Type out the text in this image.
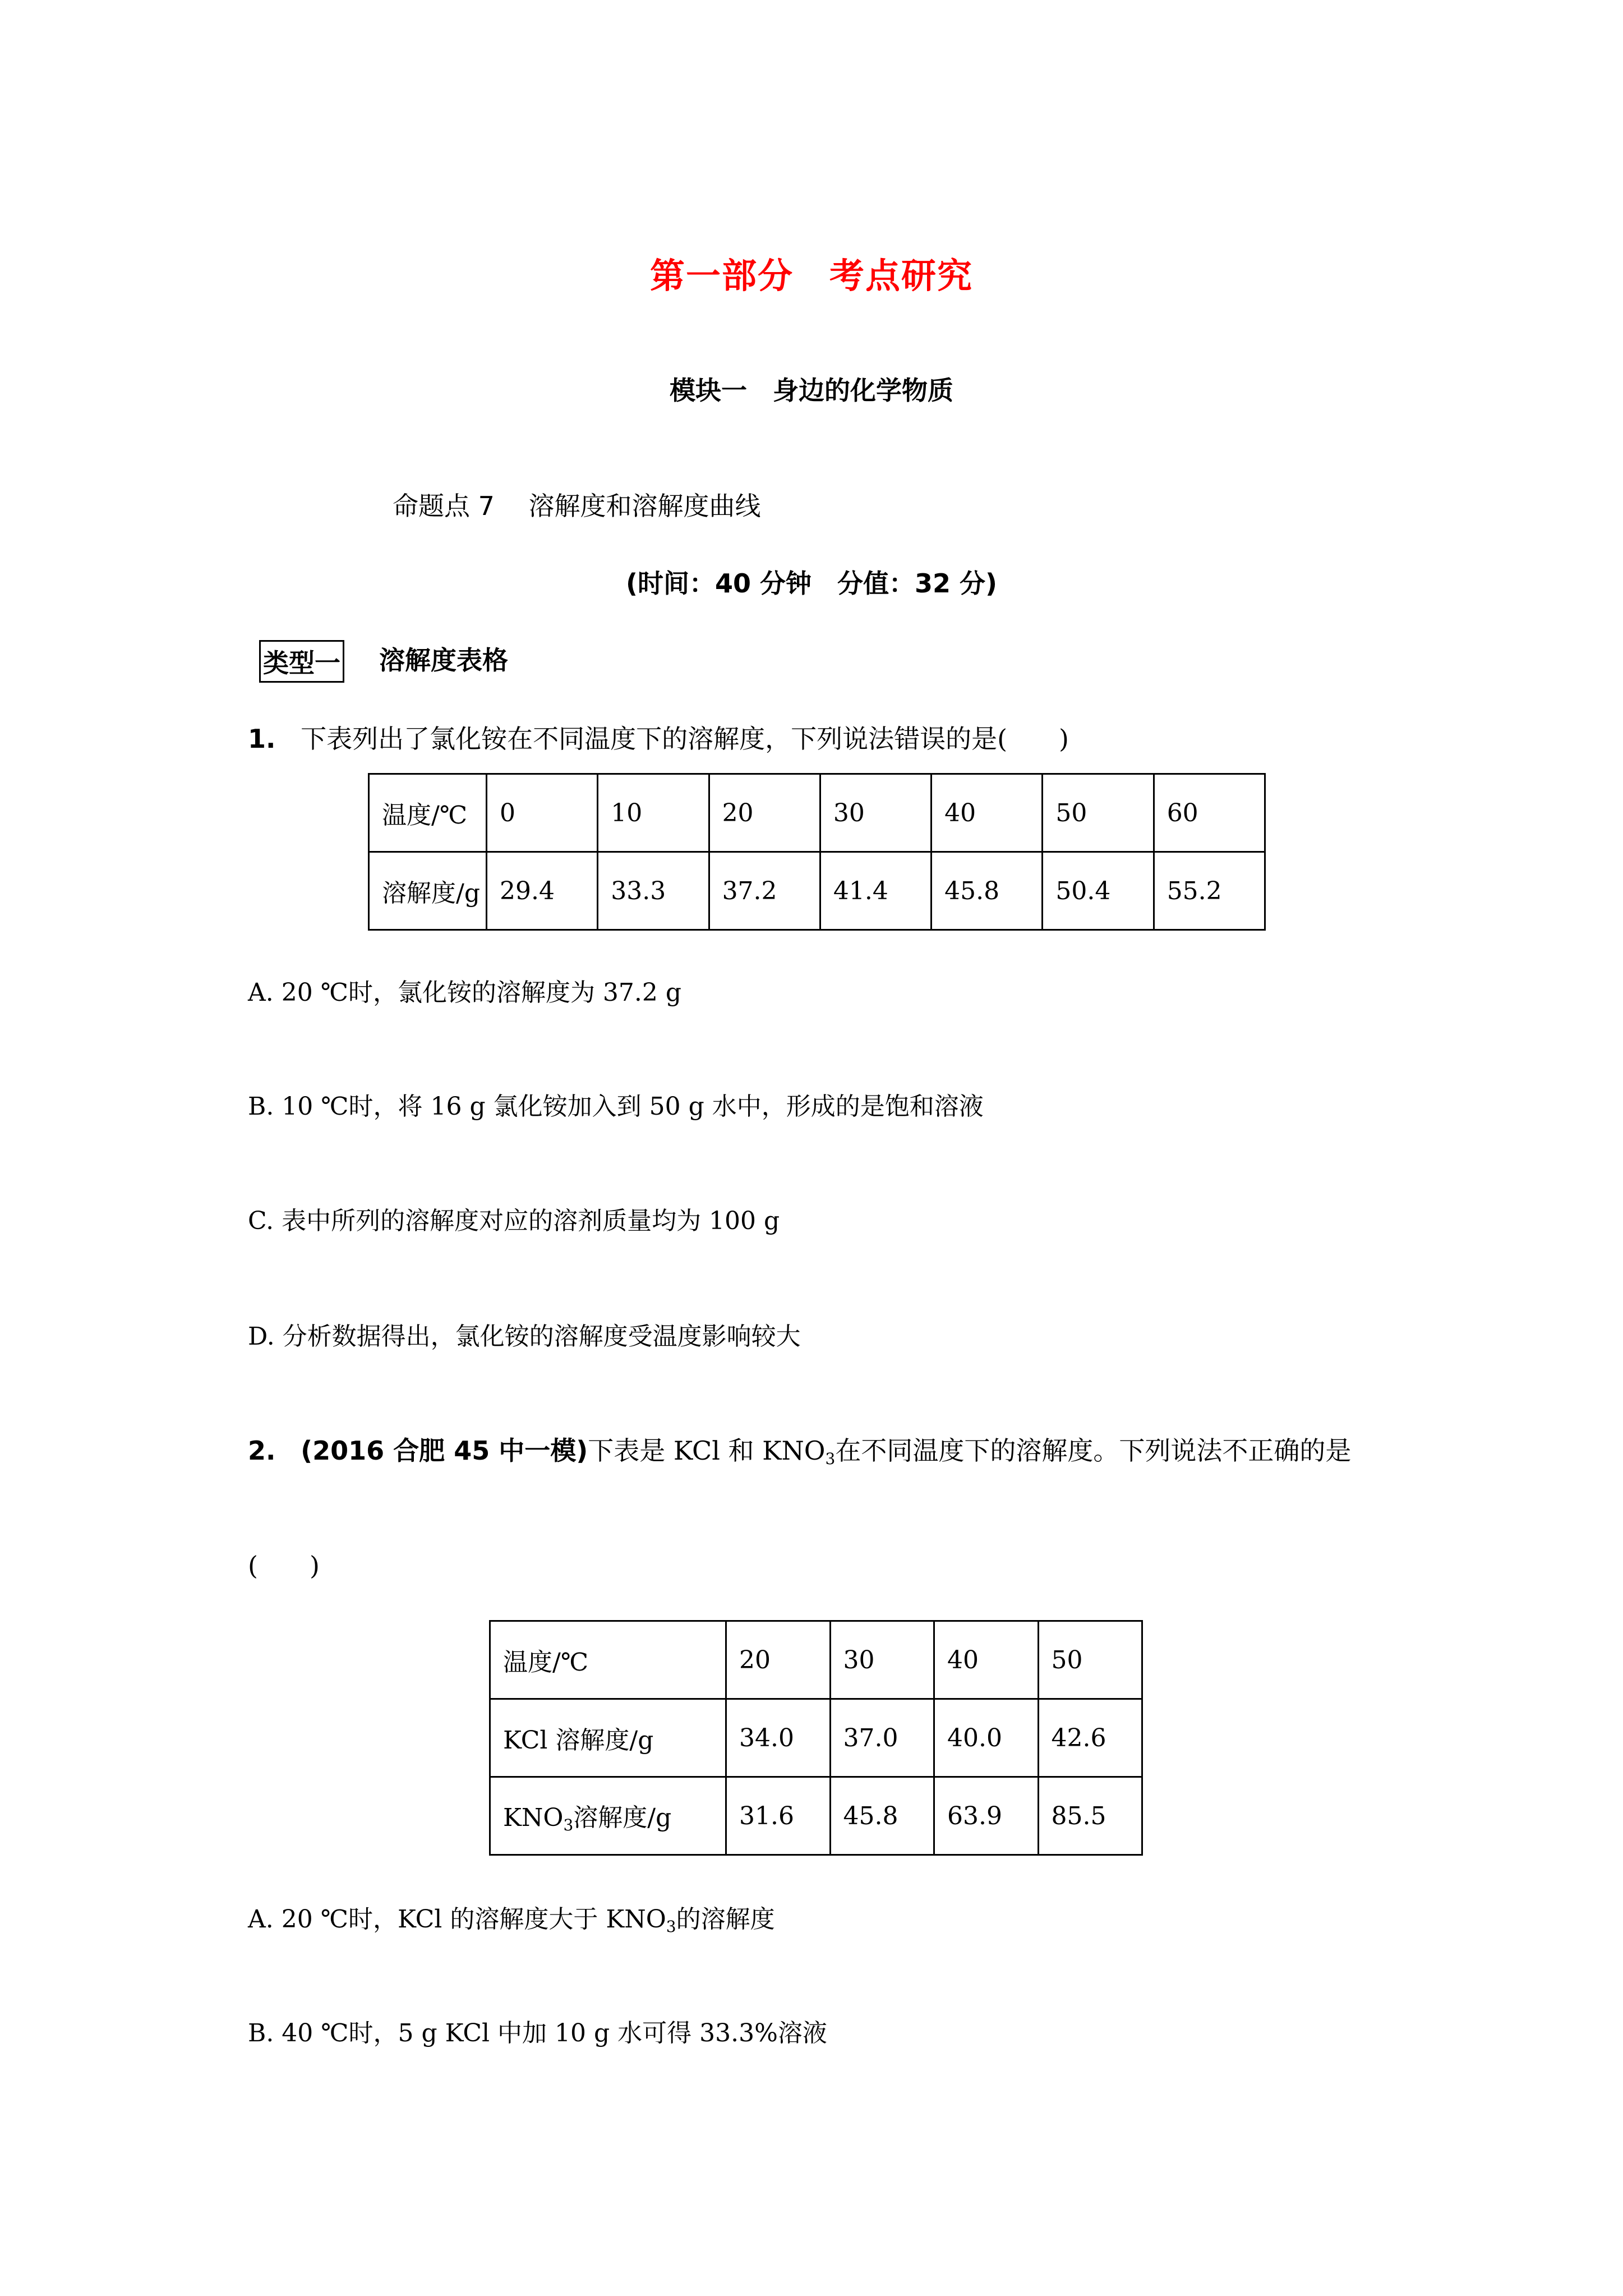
第一部分　考点研究
模块一　身边的化学物质
命题点 7　 溶解度和溶解度曲线
(时间：40 分钟　分值：32 分)
类型一 溶解度表格
1. 下表列出了氯化铵在不同温度下的溶解度，下列说法错误的是(　　)
温度/℃	0	10	20	30	40	50	60
溶解度/g	29.4	33.3	37.2	41.4	45.8	50.4	55.2
A. 20 ℃时，氯化铵的溶解度为 37.2 g
B. 10 ℃时，将 16 g 氯化铵加入到 50 g 水中，形成的是饱和溶液
C. 表中所列的溶解度对应的溶剂质量均为 100 g
D. 分析数据得出，氯化铵的溶解度受温度影响较大
2. (2016 合肥 45 中一模)下表是 KCl 和 $KNO_3$在不同温度下的溶解度。下列说法不正确的是
(　　)
温度/℃	20	30	40	50
KCl 溶解度/g	34.0	37.0	40.0	42.6
$KNO_3$溶解度/g	31.6	45.8	63.9	85.5
A. 20 ℃时，KCl 的溶解度大于 $KNO_3$的溶解度
B. 40 ℃时，5 g KCl 中加 10 g 水可得 33.3%溶液
